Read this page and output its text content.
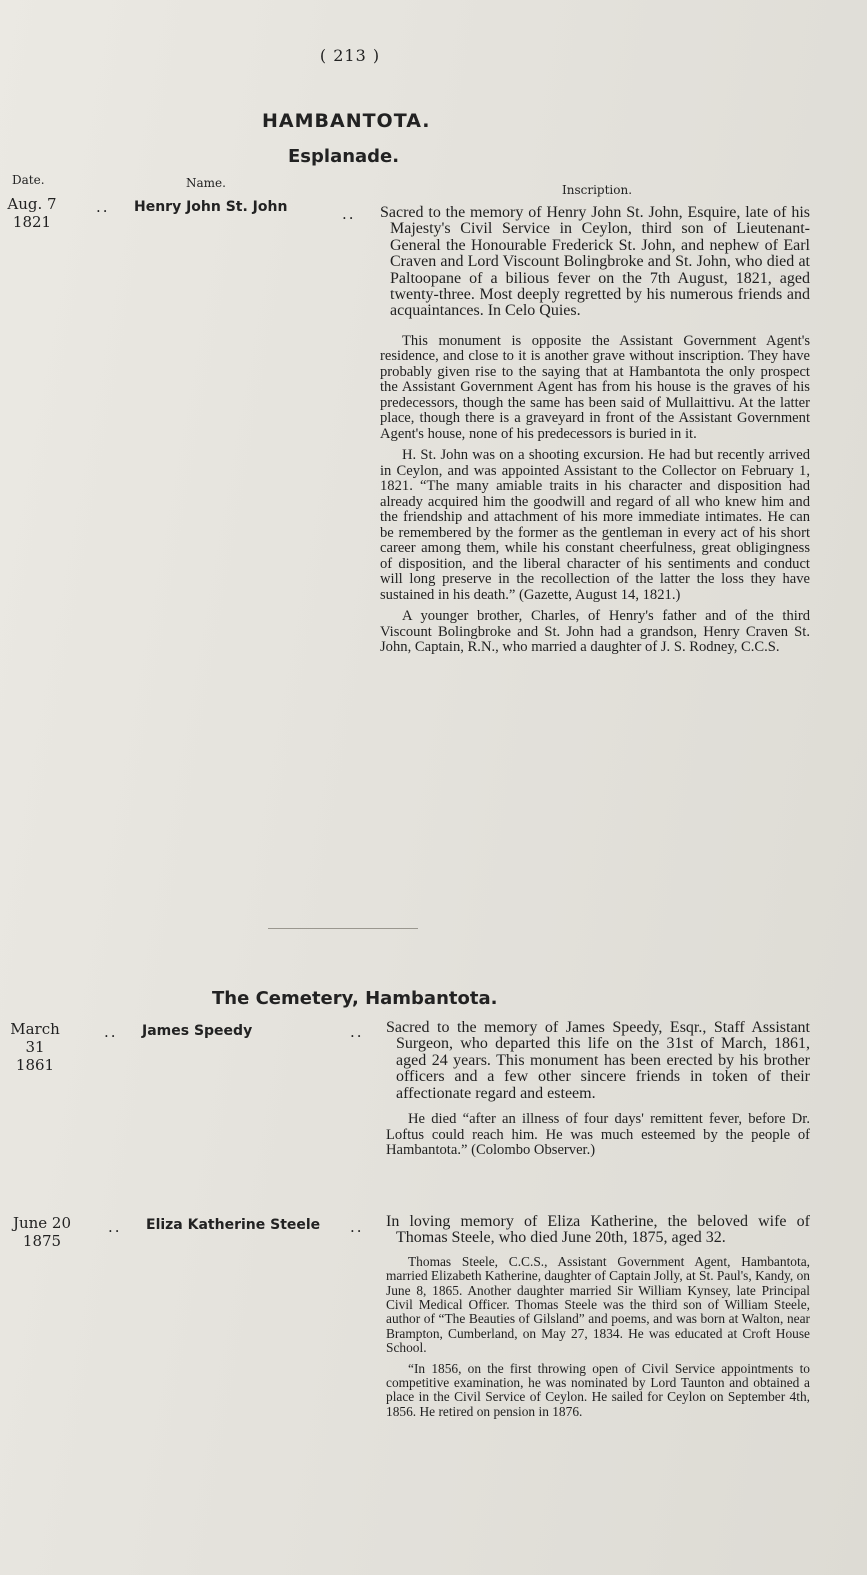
( 213 )
HAMBANTOTA.
Esplanade.
Date.	Name.	Inscription.
Aug. 7
1821
.. Henry John St. John	.. Sacred to the memory of Henry John St. John, Esquire, late of his Majesty's Civil Service in Ceylon, third son of Lieutenant-General the Honourable Frederick St. John, and nephew of Earl Craven and Lord Viscount Bolingbroke and St. John, who died at Paltoopane of a bilious fever on the 7th August, 1821, aged twenty-three. Most deeply regretted by his numerous friends and acquaintances. In Celo Quies.

This monument is opposite the Assistant Government Agent's residence, and close to it is another grave without inscription. They have probably given rise to the saying that at Hambantota the only prospect the Assistant Government Agent has from his house is the graves of his predecessors, though the same has been said of Mullaittivu. At the latter place, though there is a graveyard in front of the Assistant Government Agent's house, none of his predecessors is buried in it.

H. St. John was on a shooting excursion. He had but recently arrived in Ceylon, and was appointed Assistant to the Collector on February 1, 1821. “The many amiable traits in his character and disposition had already acquired him the goodwill and regard of all who knew him and the friendship and attachment of his more immediate intimates. He can be remembered by the former as the gentleman in every act of his short career among them, while his constant cheerfulness, great obligingness of disposition, and the liberal character of his sentiments and conduct will long preserve in the recollection of the latter the loss they have sustained in his death.” (Gazette, August 14, 1821.)

A younger brother, Charles, of Henry's father and of the third Viscount Bolingbroke and St. John had a grandson, Henry Craven St. John, Captain, R.N., who married a daughter of J. S. Rodney, C.C.S.

The Cemetery, Hambantota.
March 31
1861
.. James Speedy	.. Sacred to the memory of James Speedy, Esqr., Staff Assistant Surgeon, who departed this life on the 31st of March, 1861, aged 24 years. This monument has been erected by his brother officers and a few other sincere friends in token of their affectionate regard and esteem.

He died “after an illness of four days' remittent fever, before Dr. Loftus could reach him. He was much esteemed by the people of Hambantota.” (Colombo Observer.)

June 20
1875
.. Eliza Katherine Steele .. In loving memory of Eliza Katherine, the beloved wife of Thomas Steele, who died June 20th, 1875, aged 32.

Thomas Steele, C.C.S., Assistant Government Agent, Hambantota, married Elizabeth Katherine, daughter of Captain Jolly, at St. Paul's, Kandy, on June 8, 1865. Another daughter married Sir William Kynsey, late Principal Civil Medical Officer. Thomas Steele was the third son of William Steele, author of “The Beauties of Gilsland” and poems, and was born at Walton, near Brampton, Cumberland, on May 27, 1834. He was educated at Croft House School.

“In 1856, on the first throwing open of Civil Service appointments to competitive examination, he was nominated by Lord Taunton and obtained a place in the Civil Service of Ceylon. He sailed for Ceylon on September 4th, 1856. He retired on pension in 1876.
